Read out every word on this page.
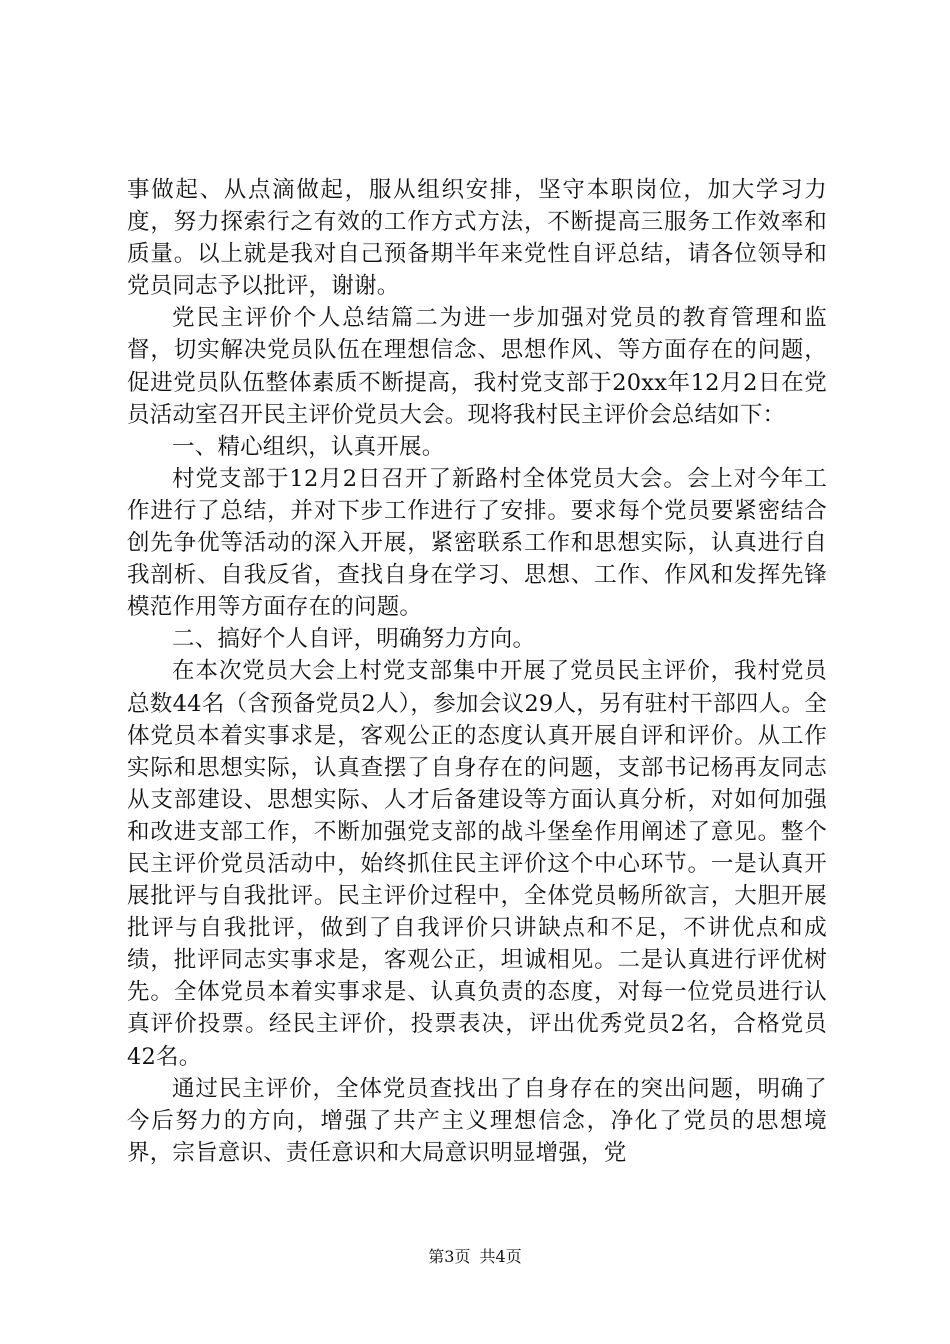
事做起、从点滴做起，服从组织安排，坚守本职岗位，加大学习力度，努力探索行之有效的工作方式方法，不断提高三服务工作效率和质量。以上就是我对自己预备期半年来党性自评总结，请各位领导和党员同志予以批评，谢谢。

党民主评价个人总结篇二为进一步加强对党员的教育管理和监督，切实解决党员队伍在理想信念、思想作风、等方面存在的问题，促进党员队伍整体素质不断提高，我村党支部于20xx年12月2日在党员活动室召开民主评价党员大会。现将我村民主评价会总结如下：

一、精心组织，认真开展。

村党支部于12月2日召开了新路村全体党员大会。会上对今年工作进行了总结，并对下步工作进行了安排。要求每个党员要紧密结合创先争优等活动的深入开展，紧密联系工作和思想实际，认真进行自我剖析、自我反省，查找自身在学习、思想、工作、作风和发挥先锋模范作用等方面存在的问题。

二、搞好个人自评，明确努力方向。

在本次党员大会上村党支部集中开展了党员民主评价，我村党员总数44名（含预备党员2人），参加会议29人，另有驻村干部四人。全体党员本着实事求是，客观公正的态度认真开展自评和评价。从工作实际和思想实际，认真查摆了自身存在的问题，支部书记杨再友同志从支部建设、思想实际、人才后备建设等方面认真分析，对如何加强和改进支部工作，不断加强党支部的战斗堡垒作用阐述了意见。整个民主评价党员活动中，始终抓住民主评价这个中心环节。一是认真开展批评与自我批评。民主评价过程中，全体党员畅所欲言，大胆开展批评与自我批评，做到了自我评价只讲缺点和不足，不讲优点和成绩，批评同志实事求是，客观公正，坦诚相见。二是认真进行评优树先。全体党员本着实事求是、认真负责的态度，对每一位党员进行认真评价投票。经民主评价，投票表决，评出优秀党员2名，合格党员42名。

通过民主评价，全体党员查找出了自身存在的突出问题，明确了今后努力的方向，增强了共产主义理想信念，净化了党员的思想境界，宗旨意识、责任意识和大局意识明显增强，党

第3页 共4页
